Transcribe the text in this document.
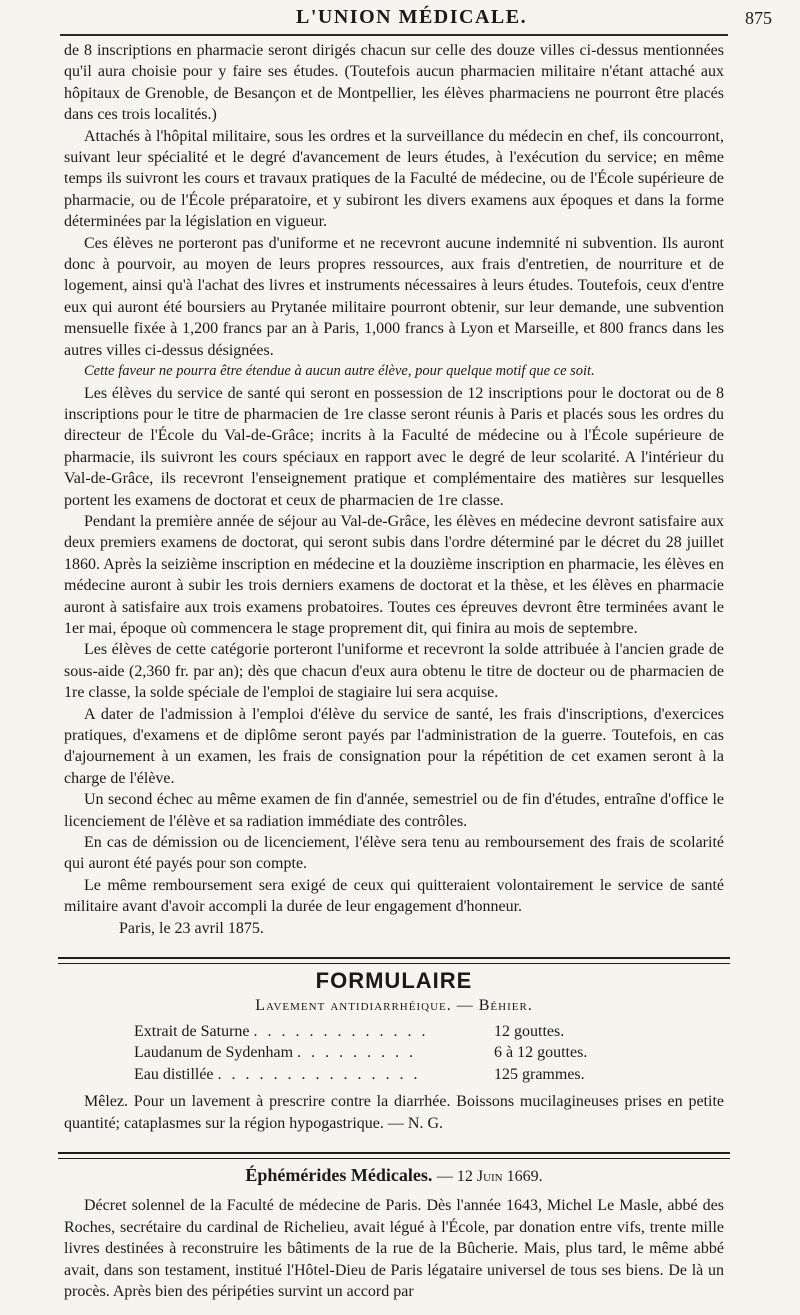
L'UNION MÉDICALE.	875

de 8 inscriptions en pharmacie seront dirigés chacun sur celle des douze villes ci-dessus mentionnées qu'il aura choisie pour y faire ses études. (Toutefois aucun pharmacien militaire n'étant attaché aux hôpitaux de Grenoble, de Besançon et de Montpellier, les élèves pharmaciens ne pourront être placés dans ces trois localités.)

Attachés à l'hôpital militaire, sous les ordres et la surveillance du médecin en chef, ils concourront, suivant leur spécialité et le degré d'avancement de leurs études, à l'exécution du service; en même temps ils suivront les cours et travaux pratiques de la Faculté de médecine, ou de l'École supérieure de pharmacie, ou de l'École préparatoire, et y subiront les divers examens aux époques et dans la forme déterminées par la législation en vigueur.

Ces élèves ne porteront pas d'uniforme et ne recevront aucune indemnité ni subvention. Ils auront donc à pourvoir, au moyen de leurs propres ressources, aux frais d'entretien, de nourriture et de logement, ainsi qu'à l'achat des livres et instruments nécessaires à leurs études. Toutefois, ceux d'entre eux qui auront été boursiers au Prytanée militaire pourront obtenir, sur leur demande, une subvention mensuelle fixée à 1,200 francs par an à Paris, 1,000 francs à Lyon et Marseille, et 800 francs dans les autres villes ci-dessus désignées.

Cette faveur ne pourra être étendue à aucun autre élève, pour quelque motif que ce soit.

Les élèves du service de santé qui seront en possession de 12 inscriptions pour le doctorat ou de 8 inscriptions pour le titre de pharmacien de 1re classe seront réunis à Paris et placés sous les ordres du directeur de l'École du Val-de-Grâce; incrits à la Faculté de médecine ou à l'École supérieure de pharmacie, ils suivront les cours spéciaux en rapport avec le degré de leur scolarité. A l'intérieur du Val-de-Grâce, ils recevront l'enseignement pratique et complémentaire des matières sur lesquelles portent les examens de doctorat et ceux de pharmacien de 1re classe.

Pendant la première année de séjour au Val-de-Grâce, les élèves en médecine devront satisfaire aux deux premiers examens de doctorat, qui seront subis dans l'ordre déterminé par le décret du 28 juillet 1860. Après la seizième inscription en médecine et la douzième inscription en pharmacie, les élèves en médecine auront à subir les trois derniers examens de doctorat et la thèse, et les élèves en pharmacie auront à satisfaire aux trois examens probatoires. Toutes ces épreuves devront être terminées avant le 1er mai, époque où commencera le stage proprement dit, qui finira au mois de septembre.

Les élèves de cette catégorie porteront l'uniforme et recevront la solde attribuée à l'ancien grade de sous-aide (2,360 fr. par an); dès que chacun d'eux aura obtenu le titre de docteur ou de pharmacien de 1re classe, la solde spéciale de l'emploi de stagiaire lui sera acquise.

A dater de l'admission à l'emploi d'élève du service de santé, les frais d'inscriptions, d'exercices pratiques, d'examens et de diplôme seront payés par l'administration de la guerre. Toutefois, en cas d'ajournement à un examen, les frais de consignation pour la répétition de cet examen seront à la charge de l'élève.

Un second échec au même examen de fin d'année, semestriel ou de fin d'études, entraîne d'office le licenciement de l'élève et sa radiation immédiate des contrôles.

En cas de démission ou de licenciement, l'élève sera tenu au remboursement des frais de scolarité qui auront été payés pour son compte.

Le même remboursement sera exigé de ceux qui quitteraient volontairement le service de santé militaire avant d'avoir accompli la durée de leur engagement d'honneur.

Paris, le 23 avril 1875.

FORMULAIRE
Lavement antidiarrhéique. — Béhier.
Extrait de Saturne . . . . . . . . . . . . .	12 gouttes.
Laudanum de Sydenham . . . . . . . . .	6 à 12 gouttes.
Eau distillée . . . . . . . . . . . . . . .	125 grammes.

Mêlez. Pour un lavement à prescrire contre la diarrhée. Boissons mucilagineuses prises en petite quantité; cataplasmes sur la région hypogastrique. — N. G.

Éphémérides Médicales. — 12 Juin 1669.

Décret solennel de la Faculté de médecine de Paris. Dès l'année 1643, Michel Le Masle, abbé des Roches, secrétaire du cardinal de Richelieu, avait légué à l'École, par donation entre vifs, trente mille livres destinées à reconstruire les bâtiments de la rue de la Bûcherie. Mais, plus tard, le même abbé avait, dans son testament, institué l'Hôtel-Dieu de Paris légataire universel de tous ses biens. De là un procès. Après bien des péripéties survint un accord par
